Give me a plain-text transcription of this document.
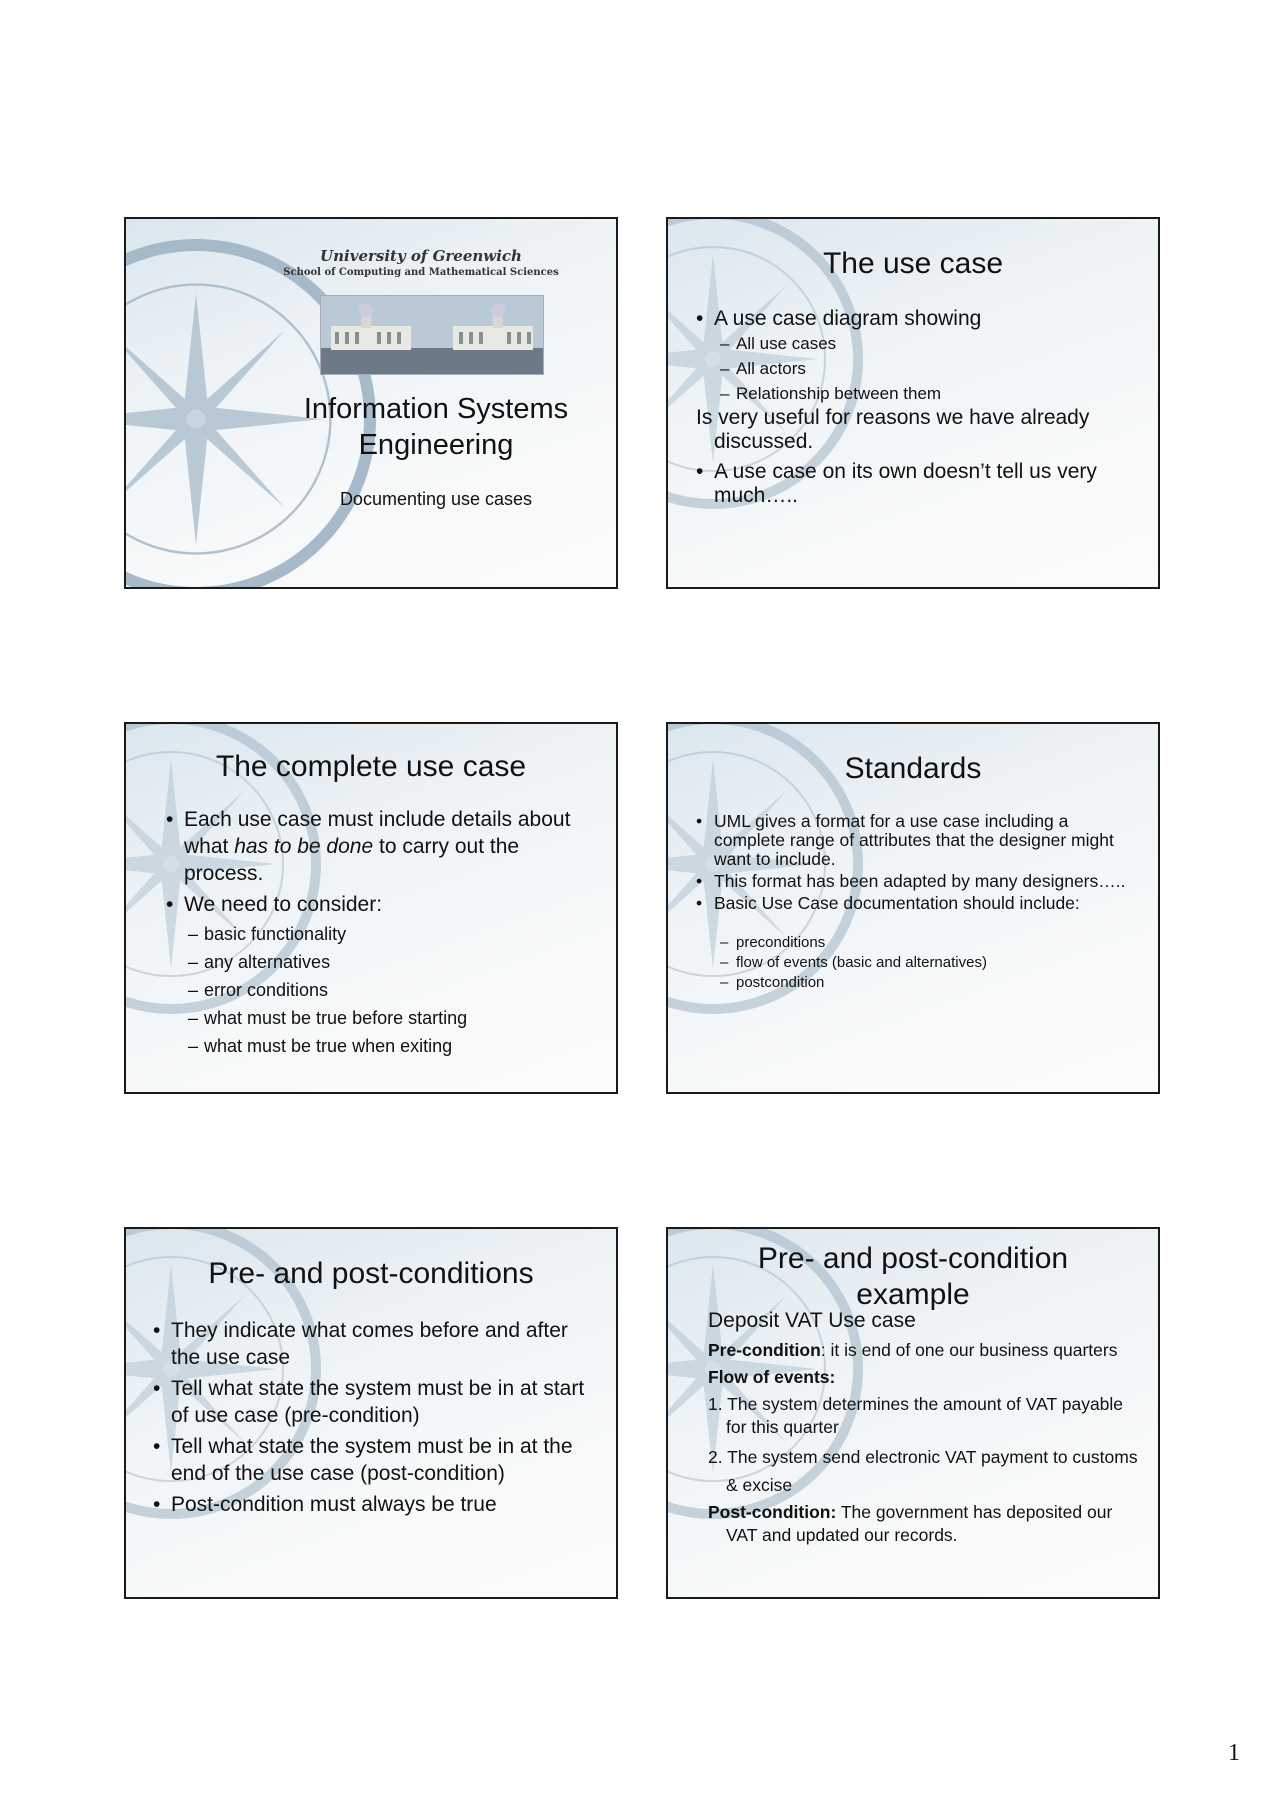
University of Greenwich
School of Computing and Mathematical Sciences
Information Systems
Engineering
Documenting use cases
The use case
• A use case diagram showing
– All use cases
– All actors
– Relationship between them
Is very useful for reasons we have already discussed.
• A use case on its own doesn’t tell us very much…..
The complete use case
• Each use case must include details about what has to be done to carry out the process.
• We need to consider:
– basic functionality
– any alternatives
– error conditions
– what must be true before starting
– what must be true when exiting
Standards
• UML gives a format for a use case including a complete range of attributes that the designer might want to include.
• This format has been adapted by many designers…..
• Basic Use Case documentation should include:
– preconditions
– flow of events (basic and alternatives)
– postcondition
Pre- and post-conditions
• They indicate what comes before and after the use case
• Tell what state the system must be in at start of use case (pre-condition)
• Tell what state the system must be in at the end of the use case (post-condition)
• Post-condition must always be true
Pre- and post-condition
example
Deposit VAT Use case
Pre-condition: it is end of one our business quarters
Flow of events:
1. The system determines the amount of VAT payable for this quarter
2. The system send electronic VAT payment to customs & excise
Post-condition: The government has deposited our VAT and updated our records.
1
